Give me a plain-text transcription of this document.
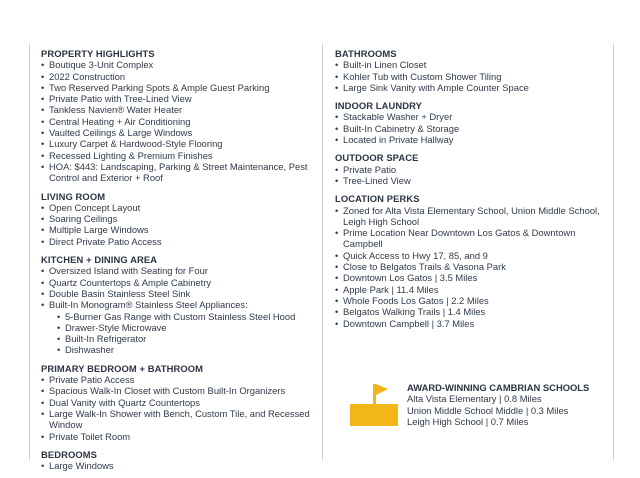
PROPERTY HIGHLIGHTS
• Boutique 3-Unit Complex
• 2022 Construction
• Two Reserved Parking Spots & Ample Guest Parking
• Private Patio with Tree-Lined View
• Tankless Navien® Water Heater
• Central Heating + Air Conditioning
• Vaulted Ceilings & Large Windows
• Luxury Carpet & Hardwood-Style Flooring
• Recessed Lighting & Premium Finishes
• HOA: $443: Landscaping, Parking & Street Maintenance, Pest Control and Exterior + Roof
LIVING ROOM
• Open Concept Layout
• Soaring Ceilings
• Multiple Large Windows
• Direct Private Patio Access
KITCHEN + DINING AREA
• Oversized Island with Seating for Four
• Quartz Countertops & Ample Cabinetry
• Double Basin Stainless Steel Sink
• Built-In Monogram® Stainless Steel Appliances:
• 5-Burner Gas Range with Custom Stainless Steel Hood
• Drawer-Style Microwave
• Built-In Refrigerator
• Dishwasher
PRIMARY BEDROOM + BATHROOM
• Private Patio Access
• Spacious Walk-In Closet with Custom Built-In Organizers
• Dual Vanity with Quartz Countertops
• Large Walk-In Shower with Bench, Custom Tile, and Recessed Window
• Private Toilet Room
BEDROOMS
• Large Windows
BATHROOMS
• Built-in Linen Closet
• Kohler Tub with Custom Shower Tiling
• Large Sink Vanity with Ample Counter Space
INDOOR LAUNDRY
• Stackable Washer + Dryer
• Built-In Cabinetry & Storage
• Located in Private Hallway
OUTDOOR SPACE
• Private Patio
• Tree-Lined View
LOCATION PERKS
• Zoned for Alta Vista Elementary School, Union Middle School, Leigh High School
• Prime Location Near Downtown Los Gatos & Downtown Campbell
• Quick Access to Hwy 17, 85, and 9
• Close to Belgatos Trails & Vasona Park
• Downtown Los Gatos | 3.5 Miles
• Apple Park | 11.4 Miles
• Whole Foods Los Gatos | 2.2 Miles
• Belgatos Walking Trails | 1.4 Miles
• Downtown Campbell | 3.7 Miles
AWARD-WINNING CAMBRIAN SCHOOLS
Alta Vista Elementary | 0.8 Miles
Union Middle School Middle | 0.3 Miles
Leigh High School | 0.7 Miles
